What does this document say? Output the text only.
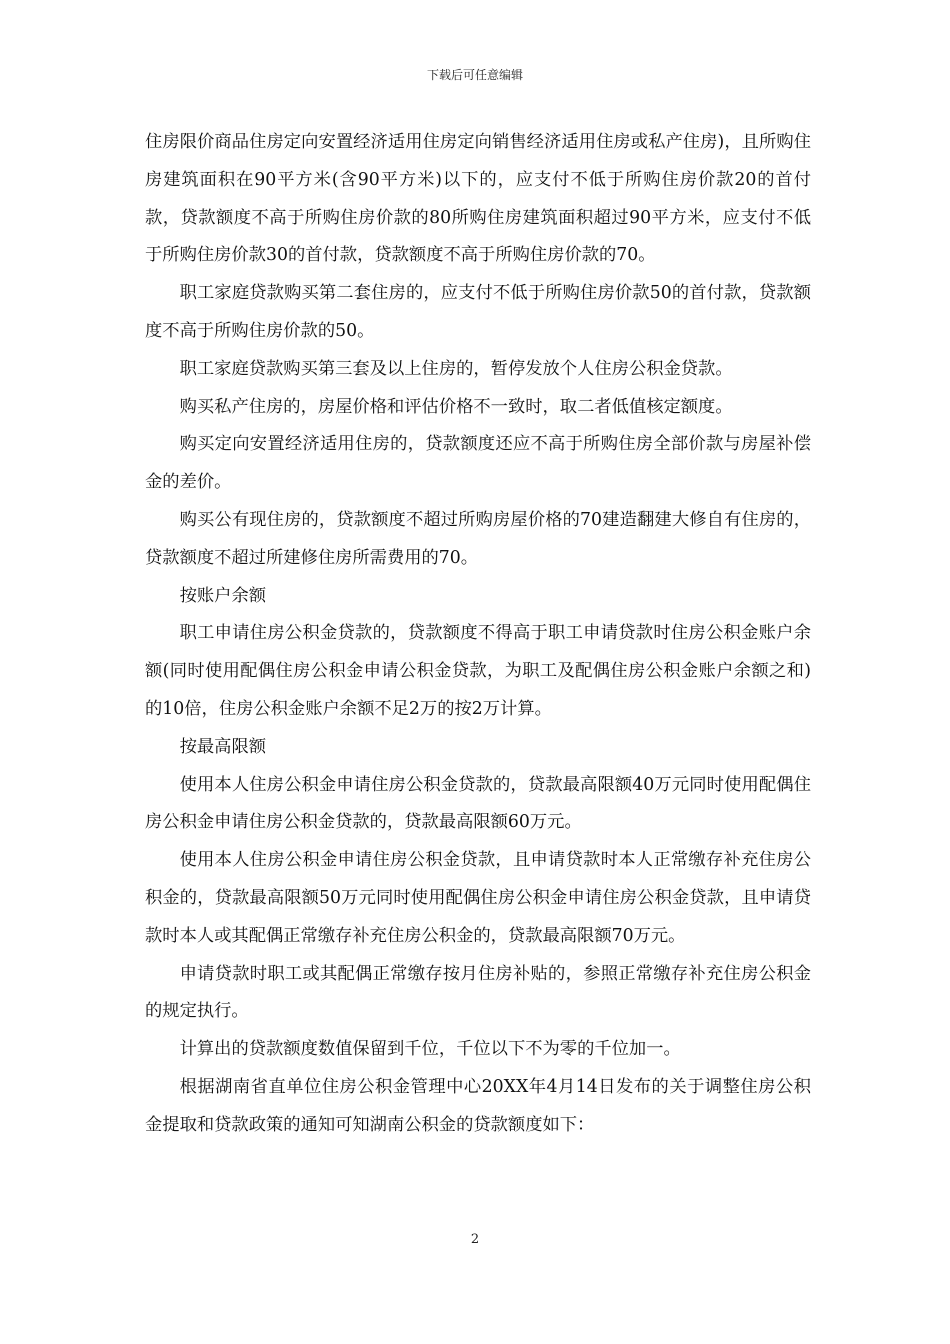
下载后可任意编辑

住房限价商品住房定向安置经济适用住房定向销售经济适用住房或私产住房)，且所购住房建筑面积在90平方米(含90平方米)以下的，应支付不低于所购住房价款20的首付款，贷款额度不高于所购住房价款的80所购住房建筑面积超过90平方米，应支付不低于所购住房价款30的首付款，贷款额度不高于所购住房价款的70。

职工家庭贷款购买第二套住房的，应支付不低于所购住房价款50的首付款，贷款额度不高于所购住房价款的50。

职工家庭贷款购买第三套及以上住房的，暂停发放个人住房公积金贷款。

购买私产住房的，房屋价格和评估价格不一致时，取二者低值核定额度。

购买定向安置经济适用住房的，贷款额度还应不高于所购住房全部价款与房屋补偿金的差价。

购买公有现住房的，贷款额度不超过所购房屋价格的70建造翻建大修自有住房的，贷款额度不超过所建修住房所需费用的70。

按账户余额

职工申请住房公积金贷款的，贷款额度不得高于职工申请贷款时住房公积金账户余额(同时使用配偶住房公积金申请公积金贷款，为职工及配偶住房公积金账户余额之和)的10倍，住房公积金账户余额不足2万的按2万计算。

按最高限额

使用本人住房公积金申请住房公积金贷款的，贷款最高限额40万元同时使用配偶住房公积金申请住房公积金贷款的，贷款最高限额60万元。

使用本人住房公积金申请住房公积金贷款，且申请贷款时本人正常缴存补充住房公积金的，贷款最高限额50万元同时使用配偶住房公积金申请住房公积金贷款，且申请贷款时本人或其配偶正常缴存补充住房公积金的，贷款最高限额70万元。

申请贷款时职工或其配偶正常缴存按月住房补贴的，参照正常缴存补充住房公积金的规定执行。

计算出的贷款额度数值保留到千位，千位以下不为零的千位加一。

根据湖南省直单位住房公积金管理中心20XX年4月14日发布的关于调整住房公积金提取和贷款政策的通知可知湖南公积金的贷款额度如下：

2
